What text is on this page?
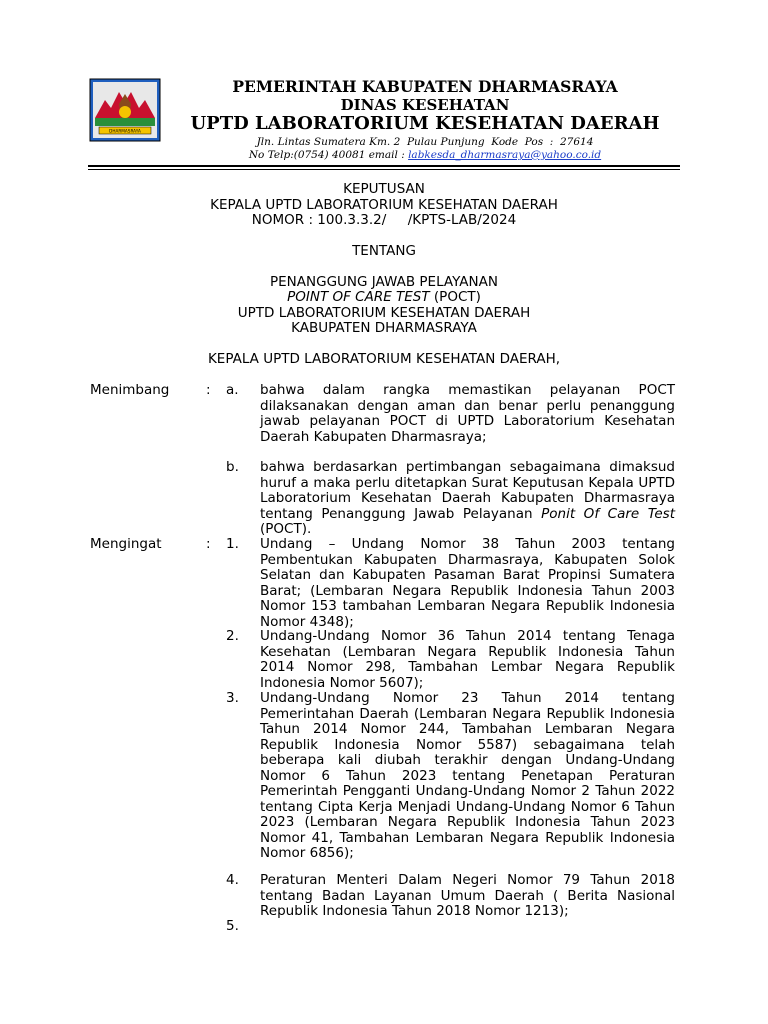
DHARMASRAYA
PEMERINTAH KABUPATEN DHARMASRAYA
DINAS KESEHATAN
UPTD LABORATORIUM KESEHATAN DAERAH
Jln. Lintas Sumatera Km. 2  Pulau Punjung  Kode  Pos  :  27614
No Telp:(0754) 40081 email : labkesda_dharmasraya@yahoo.co.id
KEPUTUSAN
KEPALA UPTD LABORATORIUM KESEHATAN DAERAH
NOMOR : 100.3.3.2/     /KPTS-LAB/2024
TENTANG
PENANGGUNG JAWAB PELAYANAN
POINT OF CARE TEST (POCT)
UPTD LABORATORIUM KESEHATAN DAERAH
KABUPATEN DHARMASRAYA
KEPALA UPTD LABORATORIUM KESEHATAN DAERAH,
Menimbang	: a. bahwa dalam rangka memastikan pelayanan POCT dilaksanakan dengan aman dan benar perlu penanggung jawab pelayanan POCT di UPTD Laboratorium Kesehatan Daerah Kabupaten Dharmasraya;
b. bahwa berdasarkan pertimbangan sebagaimana dimaksud huruf a maka perlu ditetapkan Surat Keputusan Kepala UPTD Laboratorium Kesehatan Daerah Kabupaten Dharmasraya tentang Penanggung Jawab Pelayanan Ponit Of Care Test (POCT).
Mengingat	: 1. Undang – Undang Nomor 38 Tahun 2003 tentang Pembentukan Kabupaten Dharmasraya, Kabupaten Solok Selatan dan Kabupaten Pasaman Barat Propinsi Sumatera Barat; (Lembaran Negara Republik Indonesia Tahun 2003 Nomor 153 tambahan Lembaran Negara Republik Indonesia Nomor 4348);
2. Undang-Undang Nomor 36 Tahun 2014 tentang Tenaga Kesehatan (Lembaran Negara Republik Indonesia Tahun 2014 Nomor 298, Tambahan Lembar Negara Republik Indonesia Nomor 5607);
3. Undang-Undang Nomor 23 Tahun 2014 tentang Pemerintahan Daerah (Lembaran Negara Republik Indonesia Tahun 2014 Nomor 244, Tambahan Lembaran Negara Republik Indonesia Nomor 5587) sebagaimana telah beberapa kali diubah terakhir dengan Undang-Undang Nomor 6 Tahun 2023 tentang Penetapan Peraturan Pemerintah Pengganti Undang-Undang Nomor 2 Tahun 2022 tentang Cipta Kerja Menjadi Undang-Undang Nomor 6 Tahun 2023 (Lembaran Negara Republik Indonesia Tahun 2023 Nomor 41, Tambahan Lembaran Negara Republik Indonesia Nomor 6856);
4. Peraturan Menteri Dalam Negeri Nomor 79 Tahun 2018 tentang Badan Layanan Umum Daerah ( Berita Nasional Republik Indonesia Tahun 2018 Nomor 1213);
5.
